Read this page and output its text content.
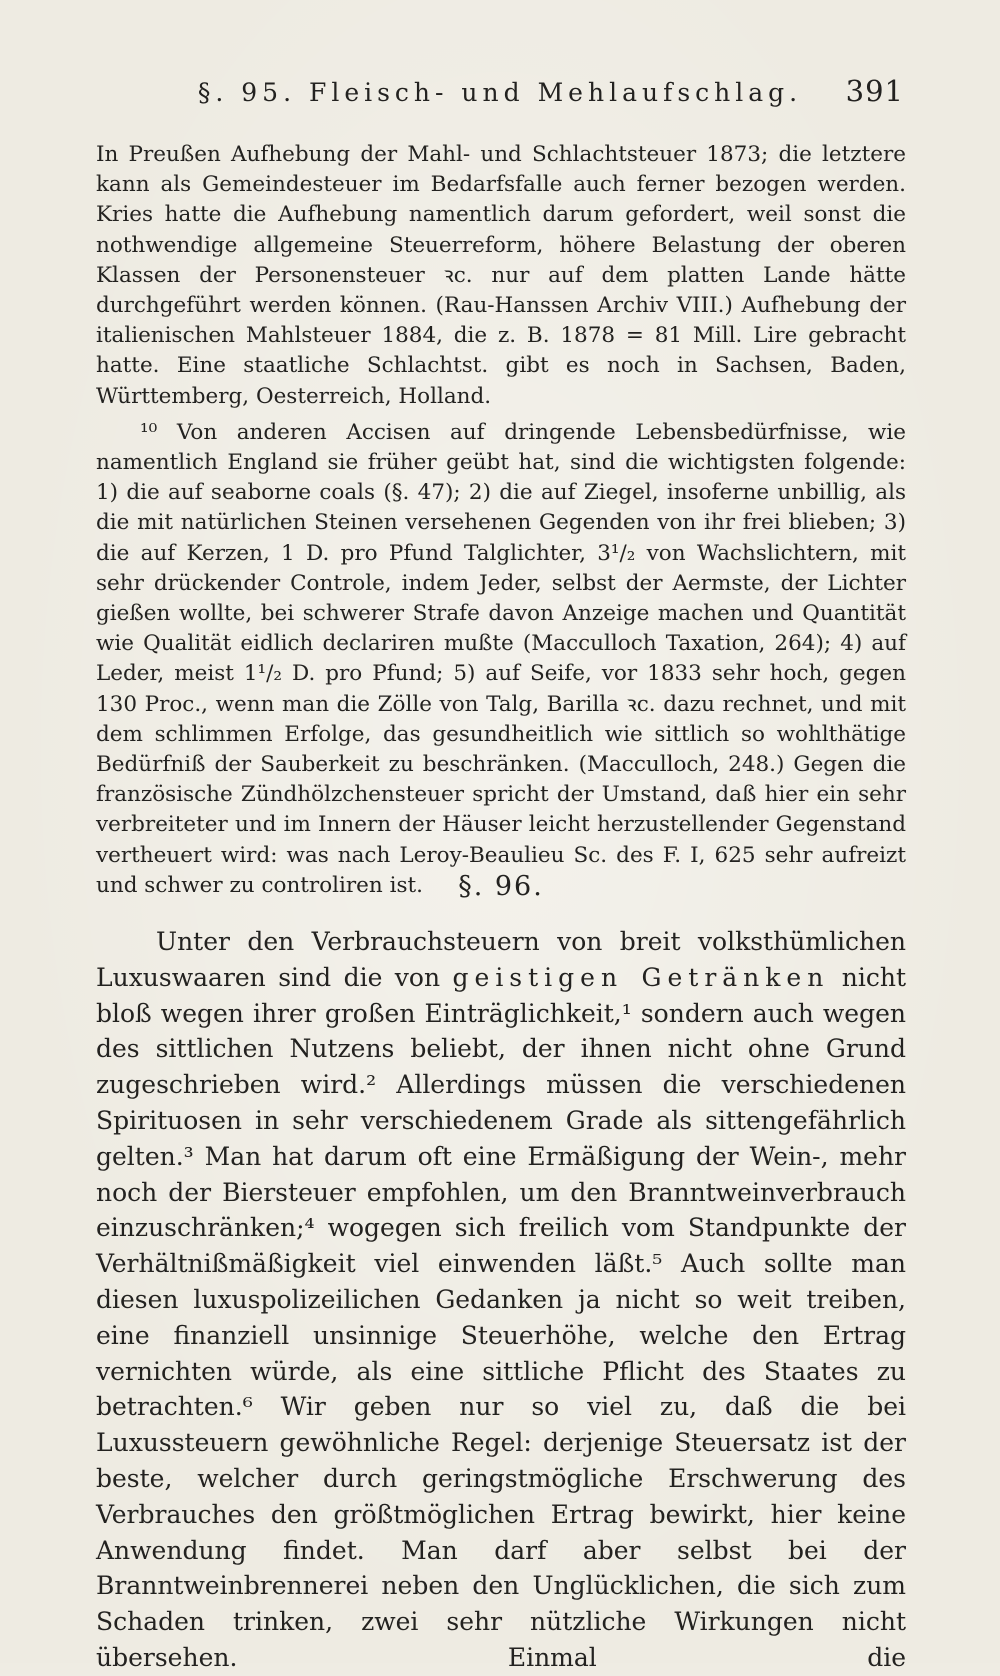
§. 95. Fleisch- und Mehlaufschlag.	391

In Preußen Aufhebung der Mahl- und Schlachtsteuer 1873; die letztere kann als Gemeindesteuer im Bedarfsfalle auch ferner bezogen werden. Kries hatte die Aufhebung namentlich darum gefordert, weil sonst die nothwendige allgemeine Steuerreform, höhere Belastung der oberen Klassen der Personensteuer ꝛc. nur auf dem platten Lande hätte durchgeführt werden können. (Rau-Hanssen Archiv VIII.) Aufhebung der italienischen Mahlsteuer 1884, die z. B. 1878 = 81 Mill. Lire gebracht hatte. Eine staatliche Schlachtst. gibt es noch in Sachsen, Baden, Württemberg, Oesterreich, Holland.

¹⁰ Von anderen Accisen auf dringende Lebensbedürfnisse, wie namentlich England sie früher geübt hat, sind die wichtigsten folgende: 1) die auf seaborne coals (§. 47); 2) die auf Ziegel, insoferne unbillig, als die mit natürlichen Steinen versehenen Gegenden von ihr frei blieben; 3) die auf Kerzen, 1 D. pro Pfund Talglichter, 3¹/₂ von Wachslichtern, mit sehr drückender Controle, indem Jeder, selbst der Aermste, der Lichter gießen wollte, bei schwerer Strafe davon Anzeige machen und Quantität wie Qualität eidlich declariren mußte (Macculloch Taxation, 264); 4) auf Leder, meist 1¹/₂ D. pro Pfund; 5) auf Seife, vor 1833 sehr hoch, gegen 130 Proc., wenn man die Zölle von Talg, Barilla ꝛc. dazu rechnet, und mit dem schlimmen Erfolge, das gesundheitlich wie sittlich so wohlthätige Bedürfniß der Sauberkeit zu beschränken. (Macculloch, 248.) Gegen die französische Zündhölzchensteuer spricht der Umstand, daß hier ein sehr verbreiteter und im Innern der Häuser leicht herzustellender Gegenstand vertheuert wird: was nach Leroy-Beaulieu Sc. des F. I, 625 sehr aufreizt und schwer zu controliren ist.	§. 96.

Unter den Verbrauchsteuern von breit volksthümlichen Luxuswaaren sind die von geistigen Getränken nicht bloß wegen ihrer großen Einträglichkeit,¹ sondern auch wegen des sittlichen Nutzens beliebt, der ihnen nicht ohne Grund zugeschrieben wird.² Allerdings müssen die verschiedenen Spirituosen in sehr verschiedenem Grade als sittengefährlich gelten.³ Man hat darum oft eine Ermäßigung der Wein-, mehr noch der Biersteuer empfohlen, um den Branntweinverbrauch einzuschränken;⁴ wogegen sich freilich vom Standpunkte der Verhältnißmäßigkeit viel einwenden läßt.⁵ Auch sollte man diesen luxuspolizeilichen Gedanken ja nicht so weit treiben, eine finanziell unsinnige Steuerhöhe, welche den Ertrag vernichten würde, als eine sittliche Pflicht des Staates zu betrachten.⁶ Wir geben nur so viel zu, daß die bei Luxussteuern gewöhnliche Regel: derjenige Steuersatz ist der beste, welcher durch geringstmögliche Erschwerung des Verbrauches den größtmöglichen Ertrag bewirkt, hier keine Anwendung findet. Man darf aber selbst bei der Branntweinbrennerei neben den Unglücklichen, die sich zum Schaden trinken, zwei sehr nützliche Wirkungen nicht übersehen. Einmal die
